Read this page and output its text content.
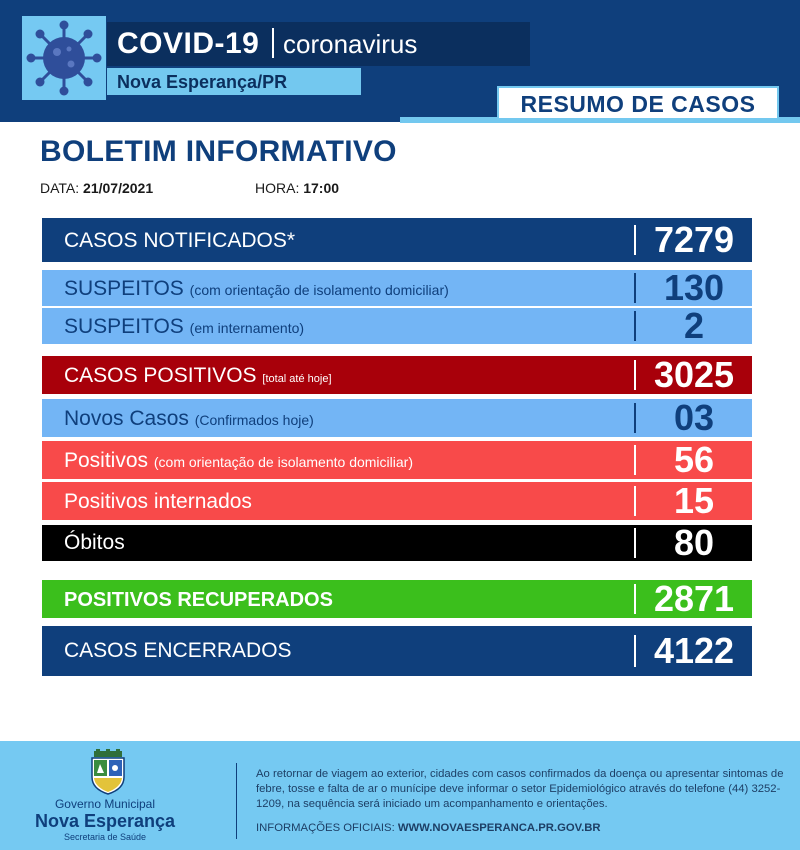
COVID-19 coronavirus
Nova Esperança/PR
RESUMO DE CASOS
BOLETIM INFORMATIVO
DATA: 21/07/2021	HORA: 17:00
CASOS NOTIFICADOS*	7279
SUSPEITOS (com orientação de isolamento domiciliar)	130
SUSPEITOS (em internamento)	2
CASOS POSITIVOS [total até hoje]	3025
Novos Casos (Confirmados hoje)	03
Positivos (com orientação de isolamento domiciliar)	56
Positivos internados	15
Óbitos	80
POSITIVOS RECUPERADOS	2871
CASOS ENCERRADOS	4122
Governo Municipal
Nova Esperança
Secretaria de Saúde
Ao retornar de viagem ao exterior, cidades com casos confirmados da doença ou apresentar sintomas de febre, tosse e falta de ar o munícipe deve informar o setor Epidemiológico através do telefone (44) 3252-1209, na sequência será iniciado um acompanhamento e orientações.
INFORMAÇÕES OFICIAIS: WWW.NOVAESPERANCA.PR.GOV.BR
